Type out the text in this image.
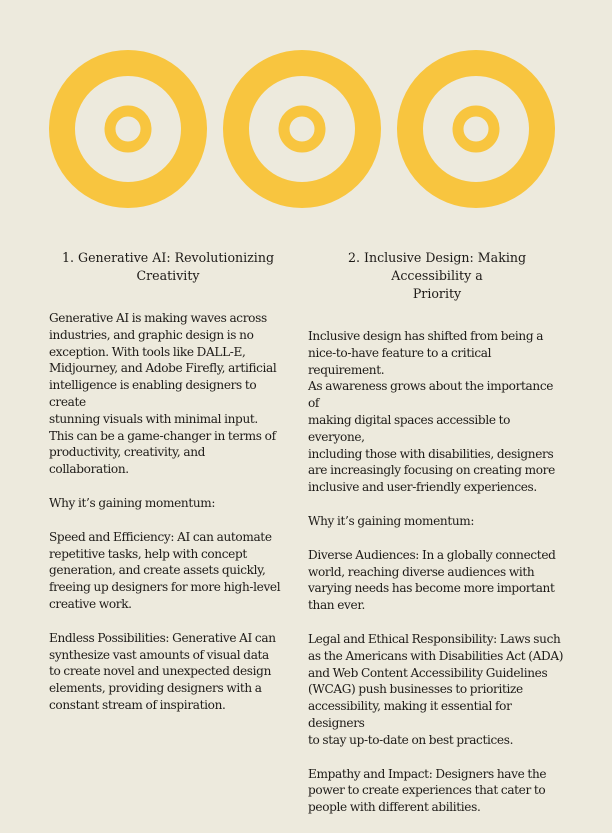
1. Generative AI: Revolutionizing
Creativity

Generative AI is making waves across
industries, and graphic design is no
exception. With tools like DALL-E,
Midjourney, and Adobe Firefly, artificial
intelligence is enabling designers to create
stunning visuals with minimal input.
This can be a game-changer in terms of
productivity, creativity, and collaboration.

Why it’s gaining momentum:

Speed and Efficiency: AI can automate
repetitive tasks, help with concept
generation, and create assets quickly,
freeing up designers for more high-level
creative work.

Endless Possibilities: Generative AI can
synthesize vast amounts of visual data
to create novel and unexpected design
elements, providing designers with a
constant stream of inspiration.

2. Inclusive Design: Making Accessibility a
Priority

Inclusive design has shifted from being a
nice-to-have feature to a critical requirement.
As awareness grows about the importance of
making digital spaces accessible to everyone,
including those with disabilities, designers
are increasingly focusing on creating more
inclusive and user-friendly experiences.

Why it’s gaining momentum:

Diverse Audiences: In a globally connected
world, reaching diverse audiences with
varying needs has become more important
than ever.

Legal and Ethical Responsibility: Laws such
as the Americans with Disabilities Act (ADA)
and Web Content Accessibility Guidelines
(WCAG) push businesses to prioritize
accessibility, making it essential for designers
to stay up-to-date on best practices.

Empathy and Impact: Designers have the
power to create experiences that cater to
people with different abilities.
